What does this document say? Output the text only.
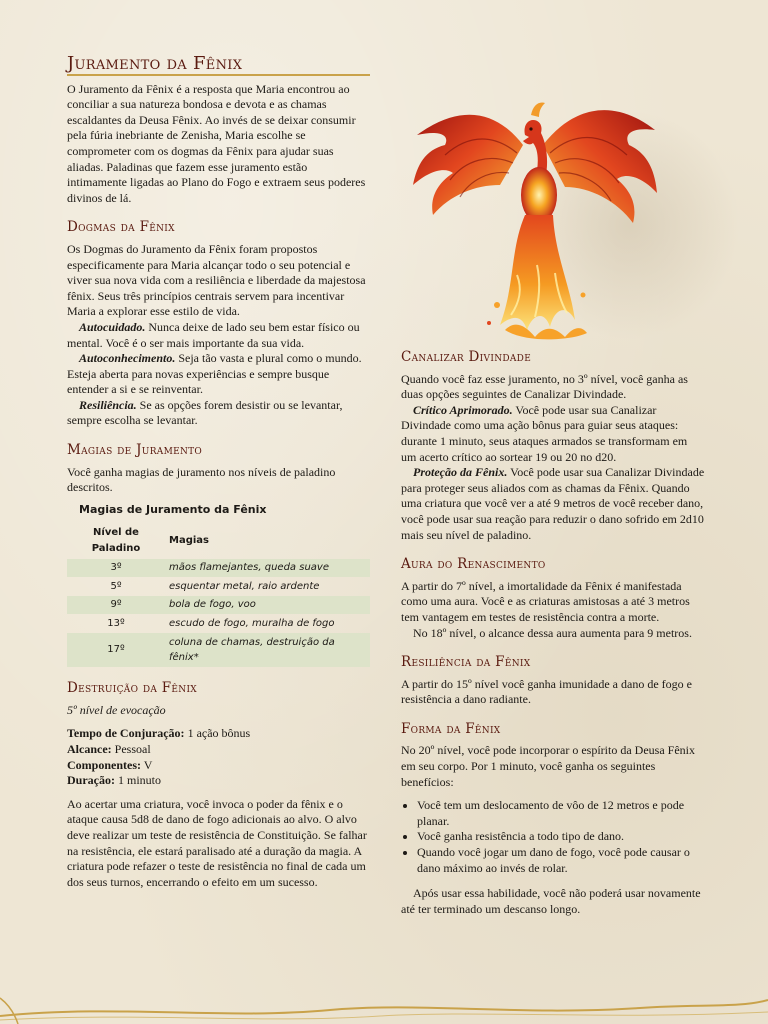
Juramento da Fênix

O Juramento da Fênix é a resposta que Maria encontrou ao conciliar a sua natureza bondosa e devota e as chamas escaldantes da Deusa Fênix. Ao invés de se deixar consumir pela fúria inebriante de Zenisha, Maria escolhe se comprometer com os dogmas da Fênix para ajudar suas aliadas. Paladinas que fazem esse juramento estão intimamente ligadas ao Plano do Fogo e extraem seus poderes divinos de lá.

Dogmas da Fênix

Os Dogmas do Juramento da Fênix foram propostos especificamente para Maria alcançar todo o seu potencial e viver sua nova vida com a resiliência e liberdade da majestosa fênix. Seus três princípios centrais servem para incentivar Maria a explorar esse estilo de vida.

Autocuidado. Nunca deixe de lado seu bem estar físico ou mental. Você é o ser mais importante da sua vida.

Autoconhecimento. Seja tão vasta e plural como o mundo. Esteja aberta para novas experiências e sempre busque entender a si e se reinventar.

Resiliência. Se as opções forem desistir ou se levantar, sempre escolha se levantar.

Magias de Juramento

Você ganha magias de juramento nos níveis de paladino descritos.

Magias de Juramento da Fênix
Nível de Paladino	Magias
3º	mãos flamejantes, queda suave
5º	esquentar metal, raio ardente
9º	bola de fogo, voo
13º	escudo de fogo, muralha de fogo
17º	coluna de chamas, destruição da fênix*
Destruição da Fênix

5º nível de evocação

Tempo de Conjuração: 1 ação bônus

Alcance: Pessoal

Componentes: V

Duração: 1 minuto

Ao acertar uma criatura, você invoca o poder da fênix e o ataque causa 5d8 de dano de fogo adicionais ao alvo. O alvo deve realizar um teste de resistência de Constituição. Se falhar na resistência, ele estará paralisado até a duração da magia. A criatura pode refazer o teste de resistência no final de cada um dos seus turnos, encerrando o efeito em um sucesso.

Canalizar Divindade

Quando você faz esse juramento, no 3º nível, você ganha as duas opções seguintes de Canalizar Divindade.

Crítico Aprimorado. Você pode usar sua Canalizar Divindade como uma ação bônus para guiar seus ataques: durante 1 minuto, seus ataques armados se transformam em um acerto crítico ao sortear 19 ou 20 no d20.

Proteção da Fênix. Você pode usar sua Canalizar Divindade para proteger seus aliados com as chamas da Fênix. Quando uma criatura que você ver a até 9 metros de você receber dano, você pode usar sua reação para reduzir o dano sofrido em 2d10 mais seu nível de paladino.

Aura do Renascimento

A partir do 7º nível, a imortalidade da Fênix é manifestada como uma aura. Você e as criaturas amistosas a até 3 metros tem vantagem em testes de resistência contra a morte.

No 18º nível, o alcance dessa aura aumenta para 9 metros.

Resiliência da Fênix

A partir do 15º nível você ganha imunidade a dano de fogo e resistência a dano radiante.

Forma da Fênix

No 20º nível, você pode incorporar o espírito da Deusa Fênix em seu corpo. Por 1 minuto, você ganha os seguintes benefícios:

• Você tem um deslocamento de vôo de 12 metros e pode planar.
• Você ganha resistência a todo tipo de dano.
• Quando você jogar um dano de fogo, você pode causar o dano máximo ao invés de rolar.

Após usar essa habilidade, você não poderá usar novamente até ter terminado um descanso longo.
